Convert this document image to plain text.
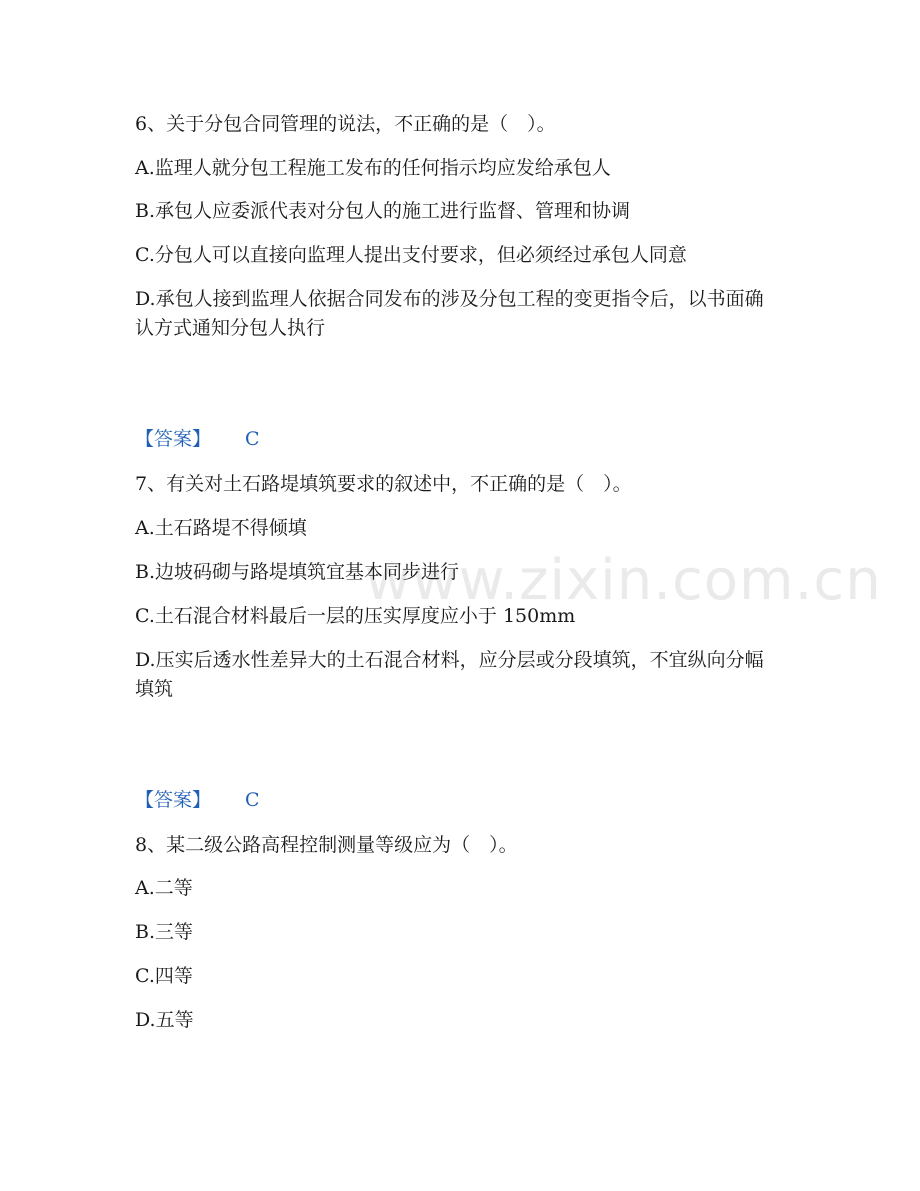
www.zixin.com.cn
6、关于分包合同管理的说法，不正确的是（　）。
A.监理人就分包工程施工发布的任何指示均应发给承包人
B.承包人应委派代表对分包人的施工进行监督、管理和协调
C.分包人可以直接向监理人提出支付要求，但必须经过承包人同意
D.承包人接到监理人依据合同发布的涉及分包工程的变更指令后，以书面确认方式通知分包人执行
【答案】 C
7、有关对土石路堤填筑要求的叙述中，不正确的是（　）。
A.土石路堤不得倾填
B.边坡码砌与路堤填筑宜基本同步进行
C.土石混合材料最后一层的压实厚度应小于 150mm
D.压实后透水性差异大的土石混合材料，应分层或分段填筑，不宜纵向分幅填筑
【答案】 C
8、某二级公路高程控制测量等级应为（　）。
A.二等
B.三等
C.四等
D.五等
